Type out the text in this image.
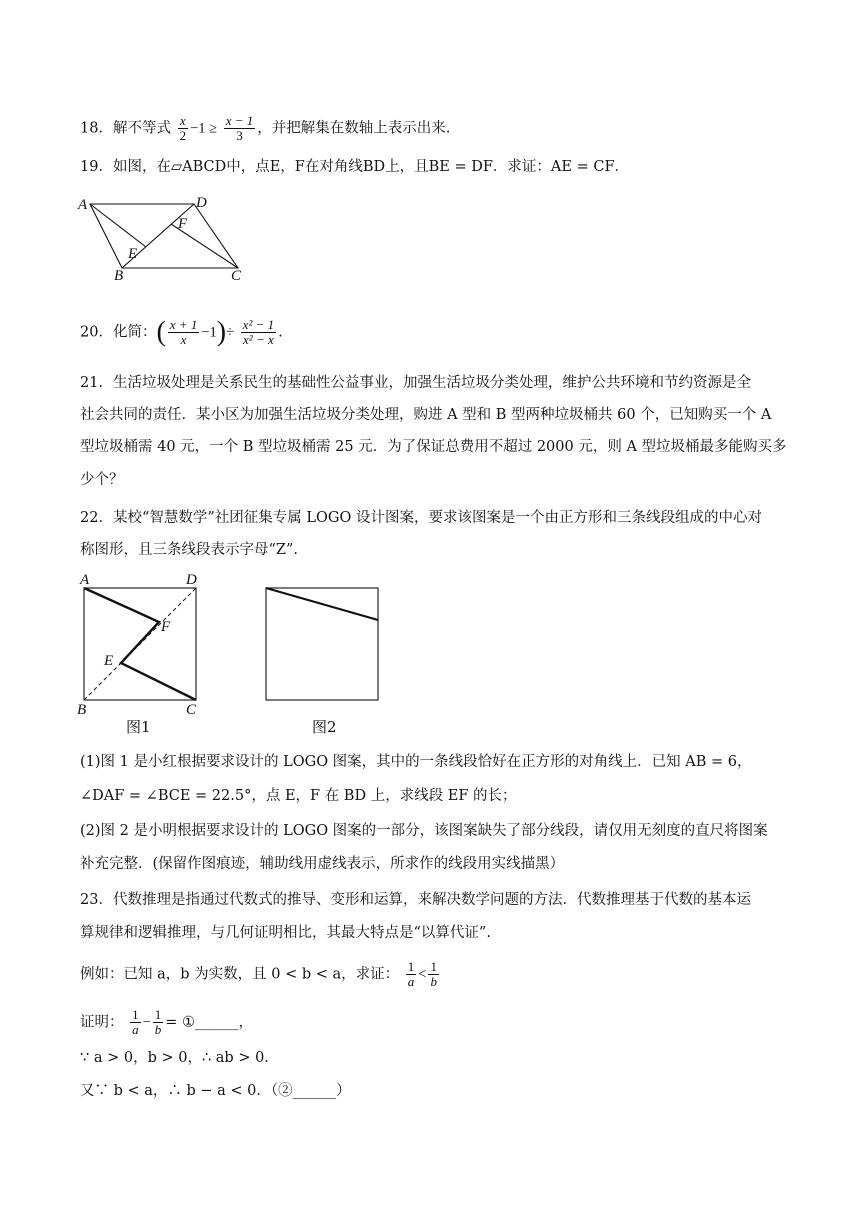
18．解不等式 $\frac{x}{2} -1 \ge \frac{x - 1}{3}$ ，并把解集在数轴上表示出来.
19．如图，在▱ABCD中，点E，F在对角线BD上，且BE = DF．求证：AE = CF．
A	D
F
E
B	C
20．化简：( $\frac{x + 1}{x} -1)\div \frac{\text{x² − 1}}{\text{x² − x}}$ .
21．生活垃圾处理是关系民生的基础性公益事业，加强生活垃圾分类处理，维护公共环境和节约资源是全
社会共同的责任．某小区为加强生活垃圾分类处理，购进 A 型和 B 型两种垃圾桶共 60 个，已知购买一个 A
型垃圾桶需 40 元，一个 B 型垃圾桶需 25 元．为了保证总费用不超过 2000 元，则 A 型垃圾桶最多能购买多
少个？
22．某校“智慧数学”社团征集专属 LOGO 设计图案，要求该图案是一个由正方形和三条线段组成的中心对
称图形，且三条线段表示字母“Z”.
A	D
F
E
B	C
图1	图2
(1)图 1 是小红根据要求设计的 LOGO 图案，其中的一条线段恰好在正方形的对角线上．已知 AB = 6，
∠DAF = ∠BCE = 22.5°，点 E，F 在 BD 上，求线段 EF 的长；
(2)图 2 是小明根据要求设计的 LOGO 图案的一部分，该图案缺失了部分线段，请仅用无刻度的直尺将图案
补充完整．(保留作图痕迹，辅助线用虚线表示，所求作的线段用实线描黑）
23．代数推理是指通过代数式的推导、变形和运算，来解决数学问题的方法．代数推理基于代数的基本运
算规律和逻辑推理，与几何证明相比，其最大特点是“以算代证”.
例如：已知 a，b 为实数，且 0 < b < a，求证： $\frac{1}{a} < \frac{1}{b}$
证明： $\frac{1}{a} - \frac{1}{b}$ = ①______，
∵ a > 0，b > 0，∴ ab > 0．
又∵ b < a，∴ b − a < 0．（②______）
